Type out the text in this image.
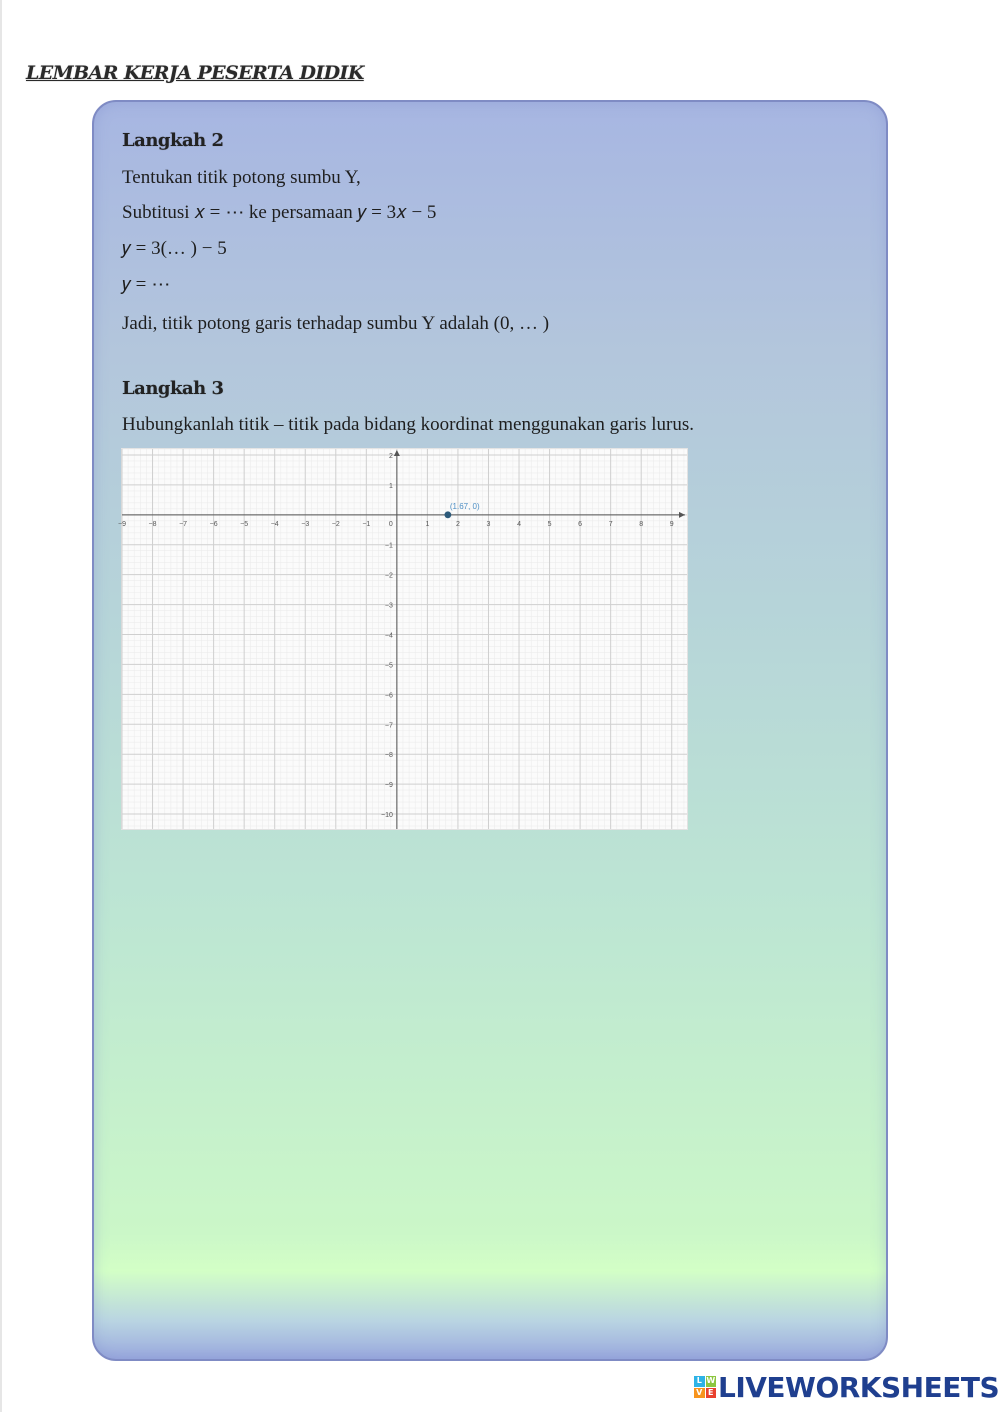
LEMBAR KERJA PESERTA DIDIK
Langkah 2
Tentukan titik potong sumbu Y,
Subtitusi 𝑥 = ⋯ ke persamaan 𝑦 = 3𝑥 − 5
𝑦 = 3(… ) − 5
𝑦 = ⋯
Jadi, titik potong garis terhadap sumbu Y adalah (0, … )
Langkah 3
Hubungkanlah titik – titik pada bidang koordinat menggunakan garis lurus.
−9	−8	−7	−6	−5	−4	−3	−2	−1	1	2	3	4	5	6	7	8	9
2
1
−1
−2
−3
−4
−5
−6
−7
−8
−9
−10
0
(1.67, 0)
L W
V E LIVEWORKSHEETS
